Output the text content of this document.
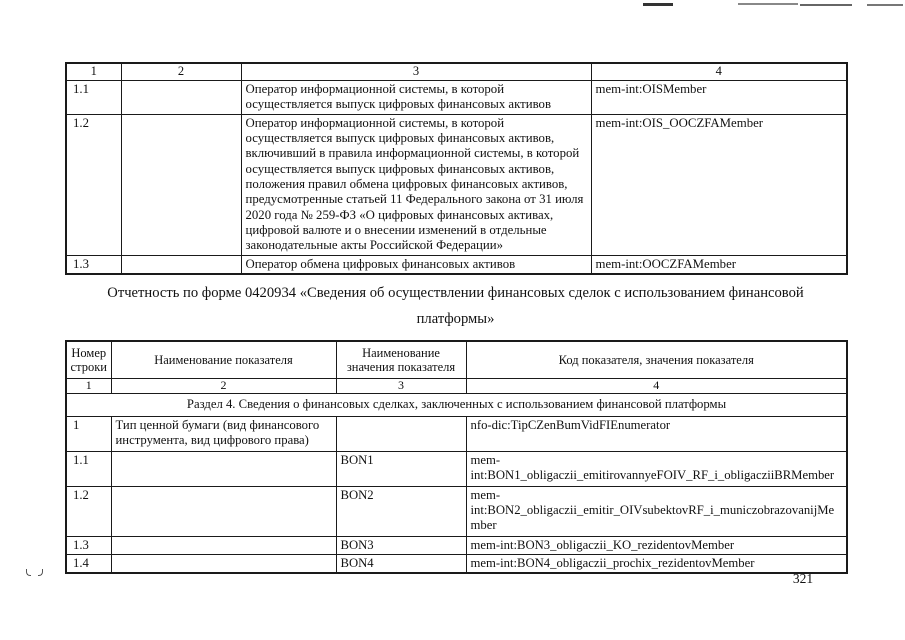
1	2	3	4
1.1		Оператор информационной системы, в которой осуществляется выпуск цифровых финансовых активов	mem-int:OISMember
1.2		Оператор информационной системы, в которой осуществляется выпуск цифровых финансовых активов, включивший в правила информационной системы, в которой осуществляется выпуск цифровых финансовых активов, положения правил обмена цифровых финансовых активов, предусмотренные статьей 11 Федерального закона от 31 июля 2020 года № 259-ФЗ «О цифровых финансовых активах, цифровой валюте и о внесении изменений в отдельные законодательные акты Российской Федерации»	mem-int:OIS_OOCZFAMember
1.3		Оператор обмена цифровых финансовых активов	mem-int:OOCZFAMember
Отчетность по форме 0420934 «Сведения об осуществлении финансовых сделок с использованием финансовой
платформы»
Номер строки	Наименование показателя	Наименование значения показателя	Код показателя, значения показателя
1	2	3	4
Раздел 4. Сведения о финансовых сделках, заключенных с использованием финансовой платформы			
1	Тип ценной бумаги (вид финансового инструмента, вид цифрового права)		nfo-dic:TipCZenBumVidFIEnumerator
1.1		BON1	mem-int:BON1_obligaczii_emitirovannyeFOIV_RF_i_obligacziiBRMember
1.2		BON2	mem-int:BON2_obligaczii_emitir_OIVsubektovRF_i_municzobrazovanijMember
1.3		BON3	mem-int:BON3_obligaczii_KO_rezidentovMember
1.4		BON4	mem-int:BON4_obligaczii_prochix_rezidentovMember
321
